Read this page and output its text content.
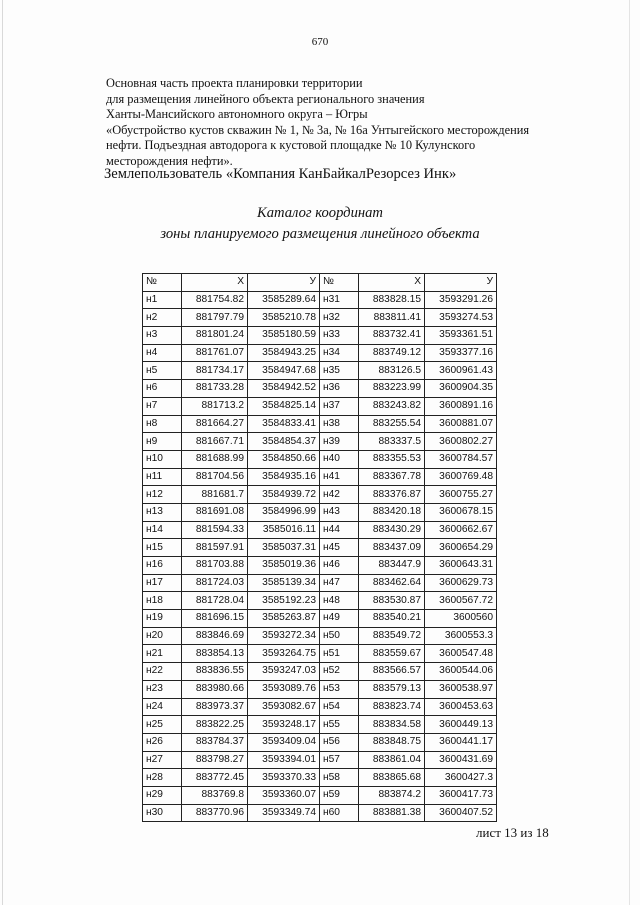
670
Основная часть проекта планировки территории
для размещения линейного объекта регионального значения
Ханты-Мансийского автономного округа – Югры
«Обустройство кустов скважин № 1, № 3а, № 16а Унтыгейского месторождения
нефти. Подъездная автодорога к кустовой площадке № 10 Кулунского
месторождения нефти».
Землепользователь «Компания КанБайкалРезорсез Инк»
Каталог координат
зоны планируемого размещения линейного объекта
№	Х	У	№	Х	У
н1	881754.82	3585289.64	н31	883828.15	3593291.26
н2	881797.79	3585210.78	н32	883811.41	3593274.53
н3	881801.24	3585180.59	н33	883732.41	3593361.51
н4	881761.07	3584943.25	н34	883749.12	3593377.16
н5	881734.17	3584947.68	н35	883126.5	3600961.43
н6	881733.28	3584942.52	н36	883223.99	3600904.35
н7	881713.2	3584825.14	н37	883243.82	3600891.16
н8	881664.27	3584833.41	н38	883255.54	3600881.07
н9	881667.71	3584854.37	н39	883337.5	3600802.27
н10	881688.99	3584850.66	н40	883355.53	3600784.57
н11	881704.56	3584935.16	н41	883367.78	3600769.48
н12	881681.7	3584939.72	н42	883376.87	3600755.27
н13	881691.08	3584996.99	н43	883420.18	3600678.15
н14	881594.33	3585016.11	н44	883430.29	3600662.67
н15	881597.91	3585037.31	н45	883437.09	3600654.29
н16	881703.88	3585019.36	н46	883447.9	3600643.31
н17	881724.03	3585139.34	н47	883462.64	3600629.73
н18	881728.04	3585192.23	н48	883530.87	3600567.72
н19	881696.15	3585263.87	н49	883540.21	3600560
н20	883846.69	3593272.34	н50	883549.72	3600553.3
н21	883854.13	3593264.75	н51	883559.67	3600547.48
н22	883836.55	3593247.03	н52	883566.57	3600544.06
н23	883980.66	3593089.76	н53	883579.13	3600538.97
н24	883973.37	3593082.67	н54	883823.74	3600453.63
н25	883822.25	3593248.17	н55	883834.58	3600449.13
н26	883784.37	3593409.04	н56	883848.75	3600441.17
н27	883798.27	3593394.01	н57	883861.04	3600431.69
н28	883772.45	3593370.33	н58	883865.68	3600427.3
н29	883769.8	3593360.07	н59	883874.2	3600417.73
н30	883770.96	3593349.74	н60	883881.38	3600407.52
лист 13 из 18
